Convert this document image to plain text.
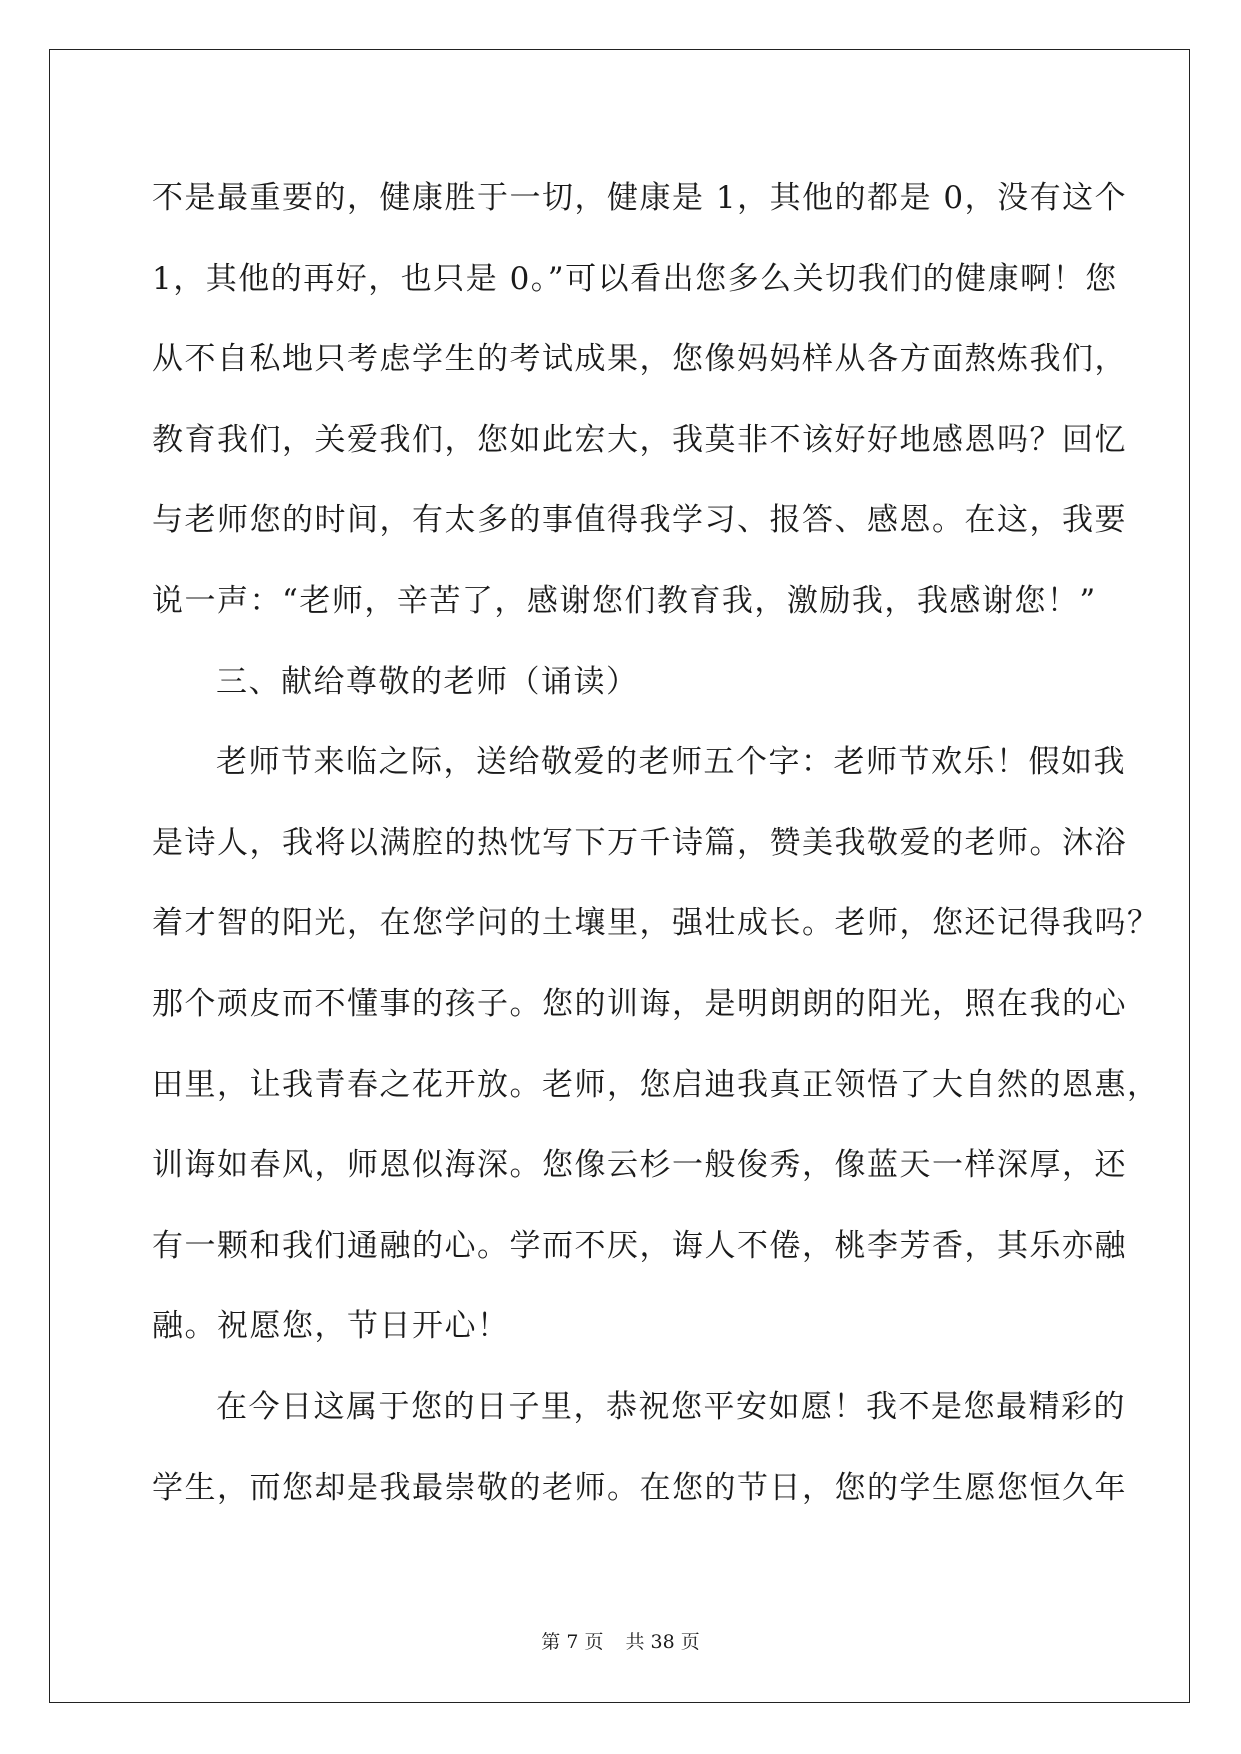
不是最重要的，健康胜于一切，健康是 1，其他的都是 0，没有这个
1，其他的再好，也只是 0。”可以看出您多么关切我们的健康啊！您
从不自私地只考虑学生的考试成果，您像妈妈样从各方面熬炼我们，
教育我们，关爱我们，您如此宏大，我莫非不该好好地感恩吗？回忆
与老师您的时间，有太多的事值得我学习、报答、感恩。在这，我要
说一声：“老师，辛苦了，感谢您们教育我，激励我，我感谢您！”
三、献给尊敬的老师（诵读）
老师节来临之际，送给敬爱的老师五个字：老师节欢乐！假如我
是诗人，我将以满腔的热忱写下万千诗篇，赞美我敬爱的老师。沐浴
着才智的阳光，在您学问的土壤里，强壮成长。老师，您还记得我吗？
那个顽皮而不懂事的孩子。您的训诲，是明朗朗的阳光，照在我的心
田里，让我青春之花开放。老师，您启迪我真正领悟了大自然的恩惠，
训诲如春风，师恩似海深。您像云杉一般俊秀，像蓝天一样深厚，还
有一颗和我们通融的心。学而不厌，诲人不倦，桃李芳香，其乐亦融
融。祝愿您，节日开心！
在今日这属于您的日子里，恭祝您平安如愿！我不是您最精彩的
学生，而您却是我最崇敬的老师。在您的节日，您的学生愿您恒久年
第 7 页 共 38 页
